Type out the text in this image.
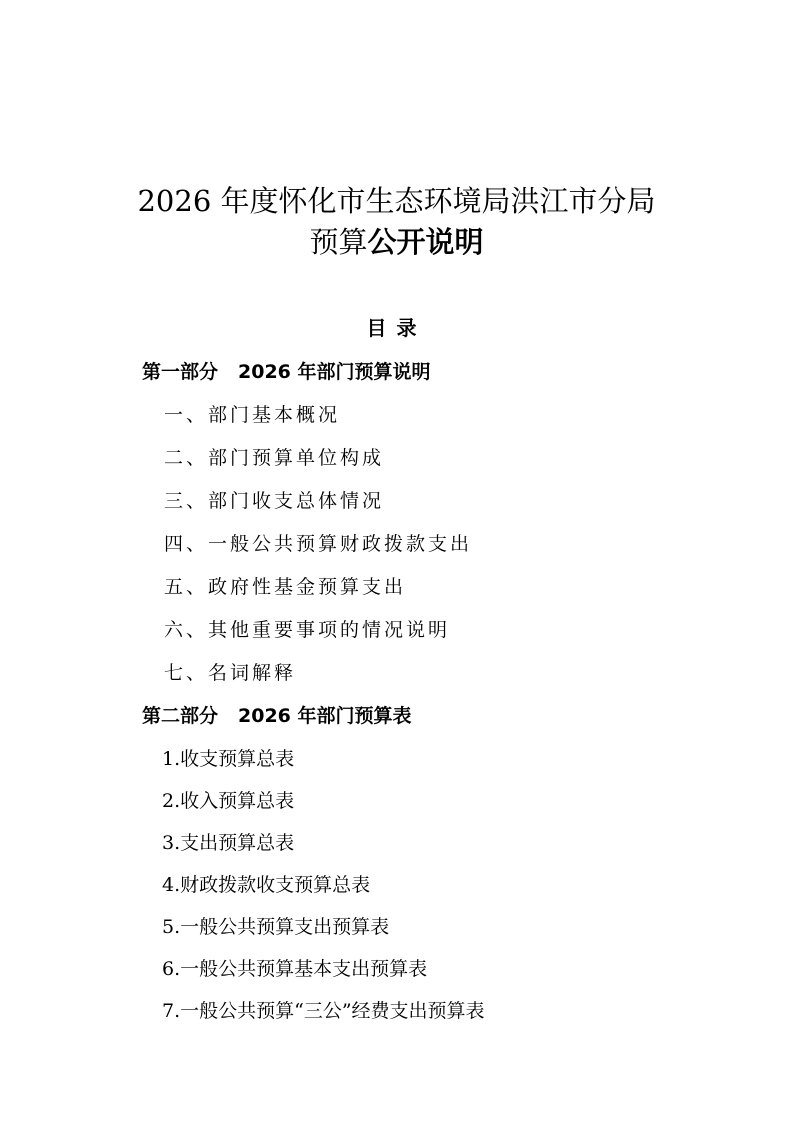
2026 年度怀化市生态环境局洪江市分局
预算公开说明
目录
第一部分 2026 年部门预算说明
一、部门基本概况
二、部门预算单位构成
三、部门收支总体情况
四、一般公共预算财政拨款支出
五、政府性基金预算支出
六、其他重要事项的情况说明
七、名词解释
第二部分 2026 年部门预算表
1.收支预算总表
2.收入预算总表
3.支出预算总表
4.财政拨款收支预算总表
5.一般公共预算支出预算表
6.一般公共预算基本支出预算表
7.一般公共预算“三公”经费支出预算表
